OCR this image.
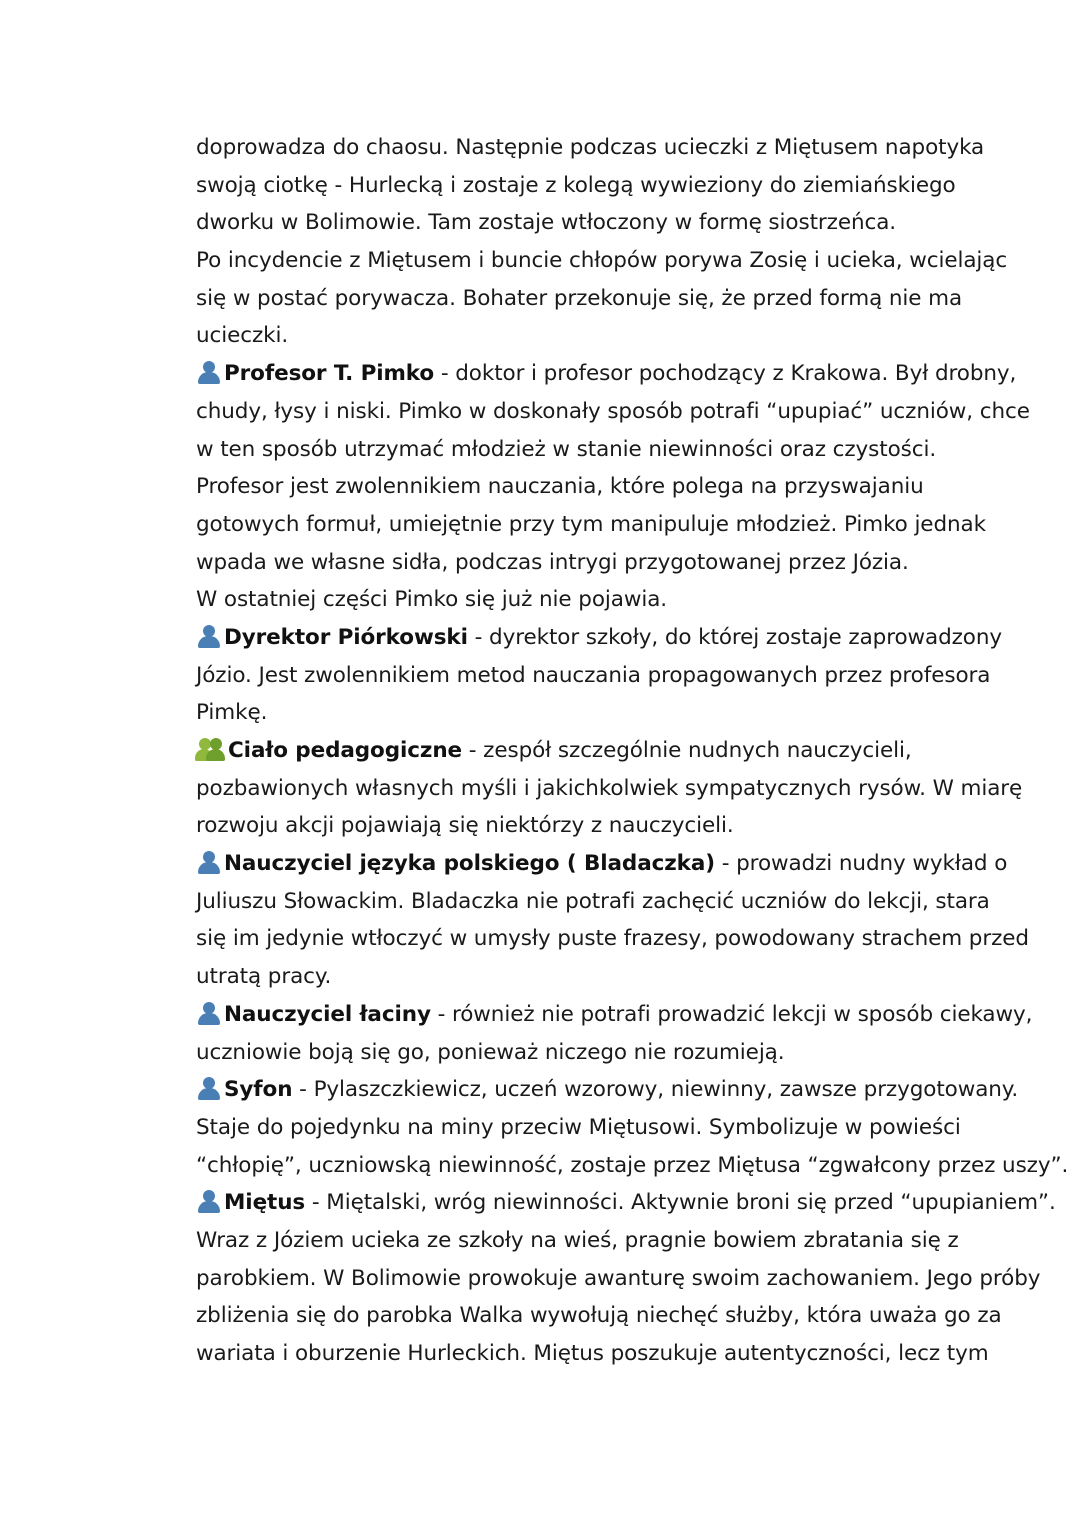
doprowadza do chaosu. Następnie podczas ucieczki z Miętusem napotyka
swoją ciotkę - Hurlecką i zostaje z kolegą wywieziony do ziemiańskiego
dworku w Bolimowie. Tam zostaje wtłoczony w formę siostrzeńca.
Po incydencie z Miętusem i buncie chłopów porywa Zosię i ucieka, wcielając
się w postać porywacza. Bohater przekonuje się, że przed formą nie ma
ucieczki.
Profesor T. Pimko - doktor i profesor pochodzący z Krakowa. Był drobny,
chudy, łysy i niski. Pimko w doskonały sposób potrafi “upupiać” uczniów, chce
w ten sposób utrzymać młodzież w stanie niewinności oraz czystości.
Profesor jest zwolennikiem nauczania, które polega na przyswajaniu
gotowych formuł, umiejętnie przy tym manipuluje młodzież. Pimko jednak
wpada we własne sidła, podczas intrygi przygotowanej przez Józia.
W ostatniej części Pimko się już nie pojawia.
Dyrektor Piórkowski - dyrektor szkoły, do której zostaje zaprowadzony
Józio. Jest zwolennikiem metod nauczania propagowanych przez profesora
Pimkę.
Ciało pedagogiczne - zespół szczególnie nudnych nauczycieli,
pozbawionych własnych myśli i jakichkolwiek sympatycznych rysów. W miarę
rozwoju akcji pojawiają się niektórzy z nauczycieli.
Nauczyciel języka polskiego ( Bladaczka) - prowadzi nudny wykład o
Juliuszu Słowackim. Bladaczka nie potrafi zachęcić uczniów do lekcji, stara
się im jedynie wtłoczyć w umysły puste frazesy, powodowany strachem przed
utratą pracy.
Nauczyciel łaciny - również nie potrafi prowadzić lekcji w sposób ciekawy,
uczniowie boją się go, ponieważ niczego nie rozumieją.
Syfon - Pylaszczkiewicz, uczeń wzorowy, niewinny, zawsze przygotowany.
Staje do pojedynku na miny przeciw Miętusowi. Symbolizuje w powieści
“chłopię”, uczniowską niewinność, zostaje przez Miętusa “zgwałcony przez uszy”.
Miętus - Miętalski, wróg niewinności. Aktywnie broni się przed “upupianiem”.
Wraz z Józiem ucieka ze szkoły na wieś, pragnie bowiem zbratania się z
parobkiem. W Bolimowie prowokuje awanturę swoim zachowaniem. Jego próby
zbliżenia się do parobka Walka wywołują niechęć służby, która uważa go za
wariata i oburzenie Hurleckich. Miętus poszukuje autentyczności, lecz tym
